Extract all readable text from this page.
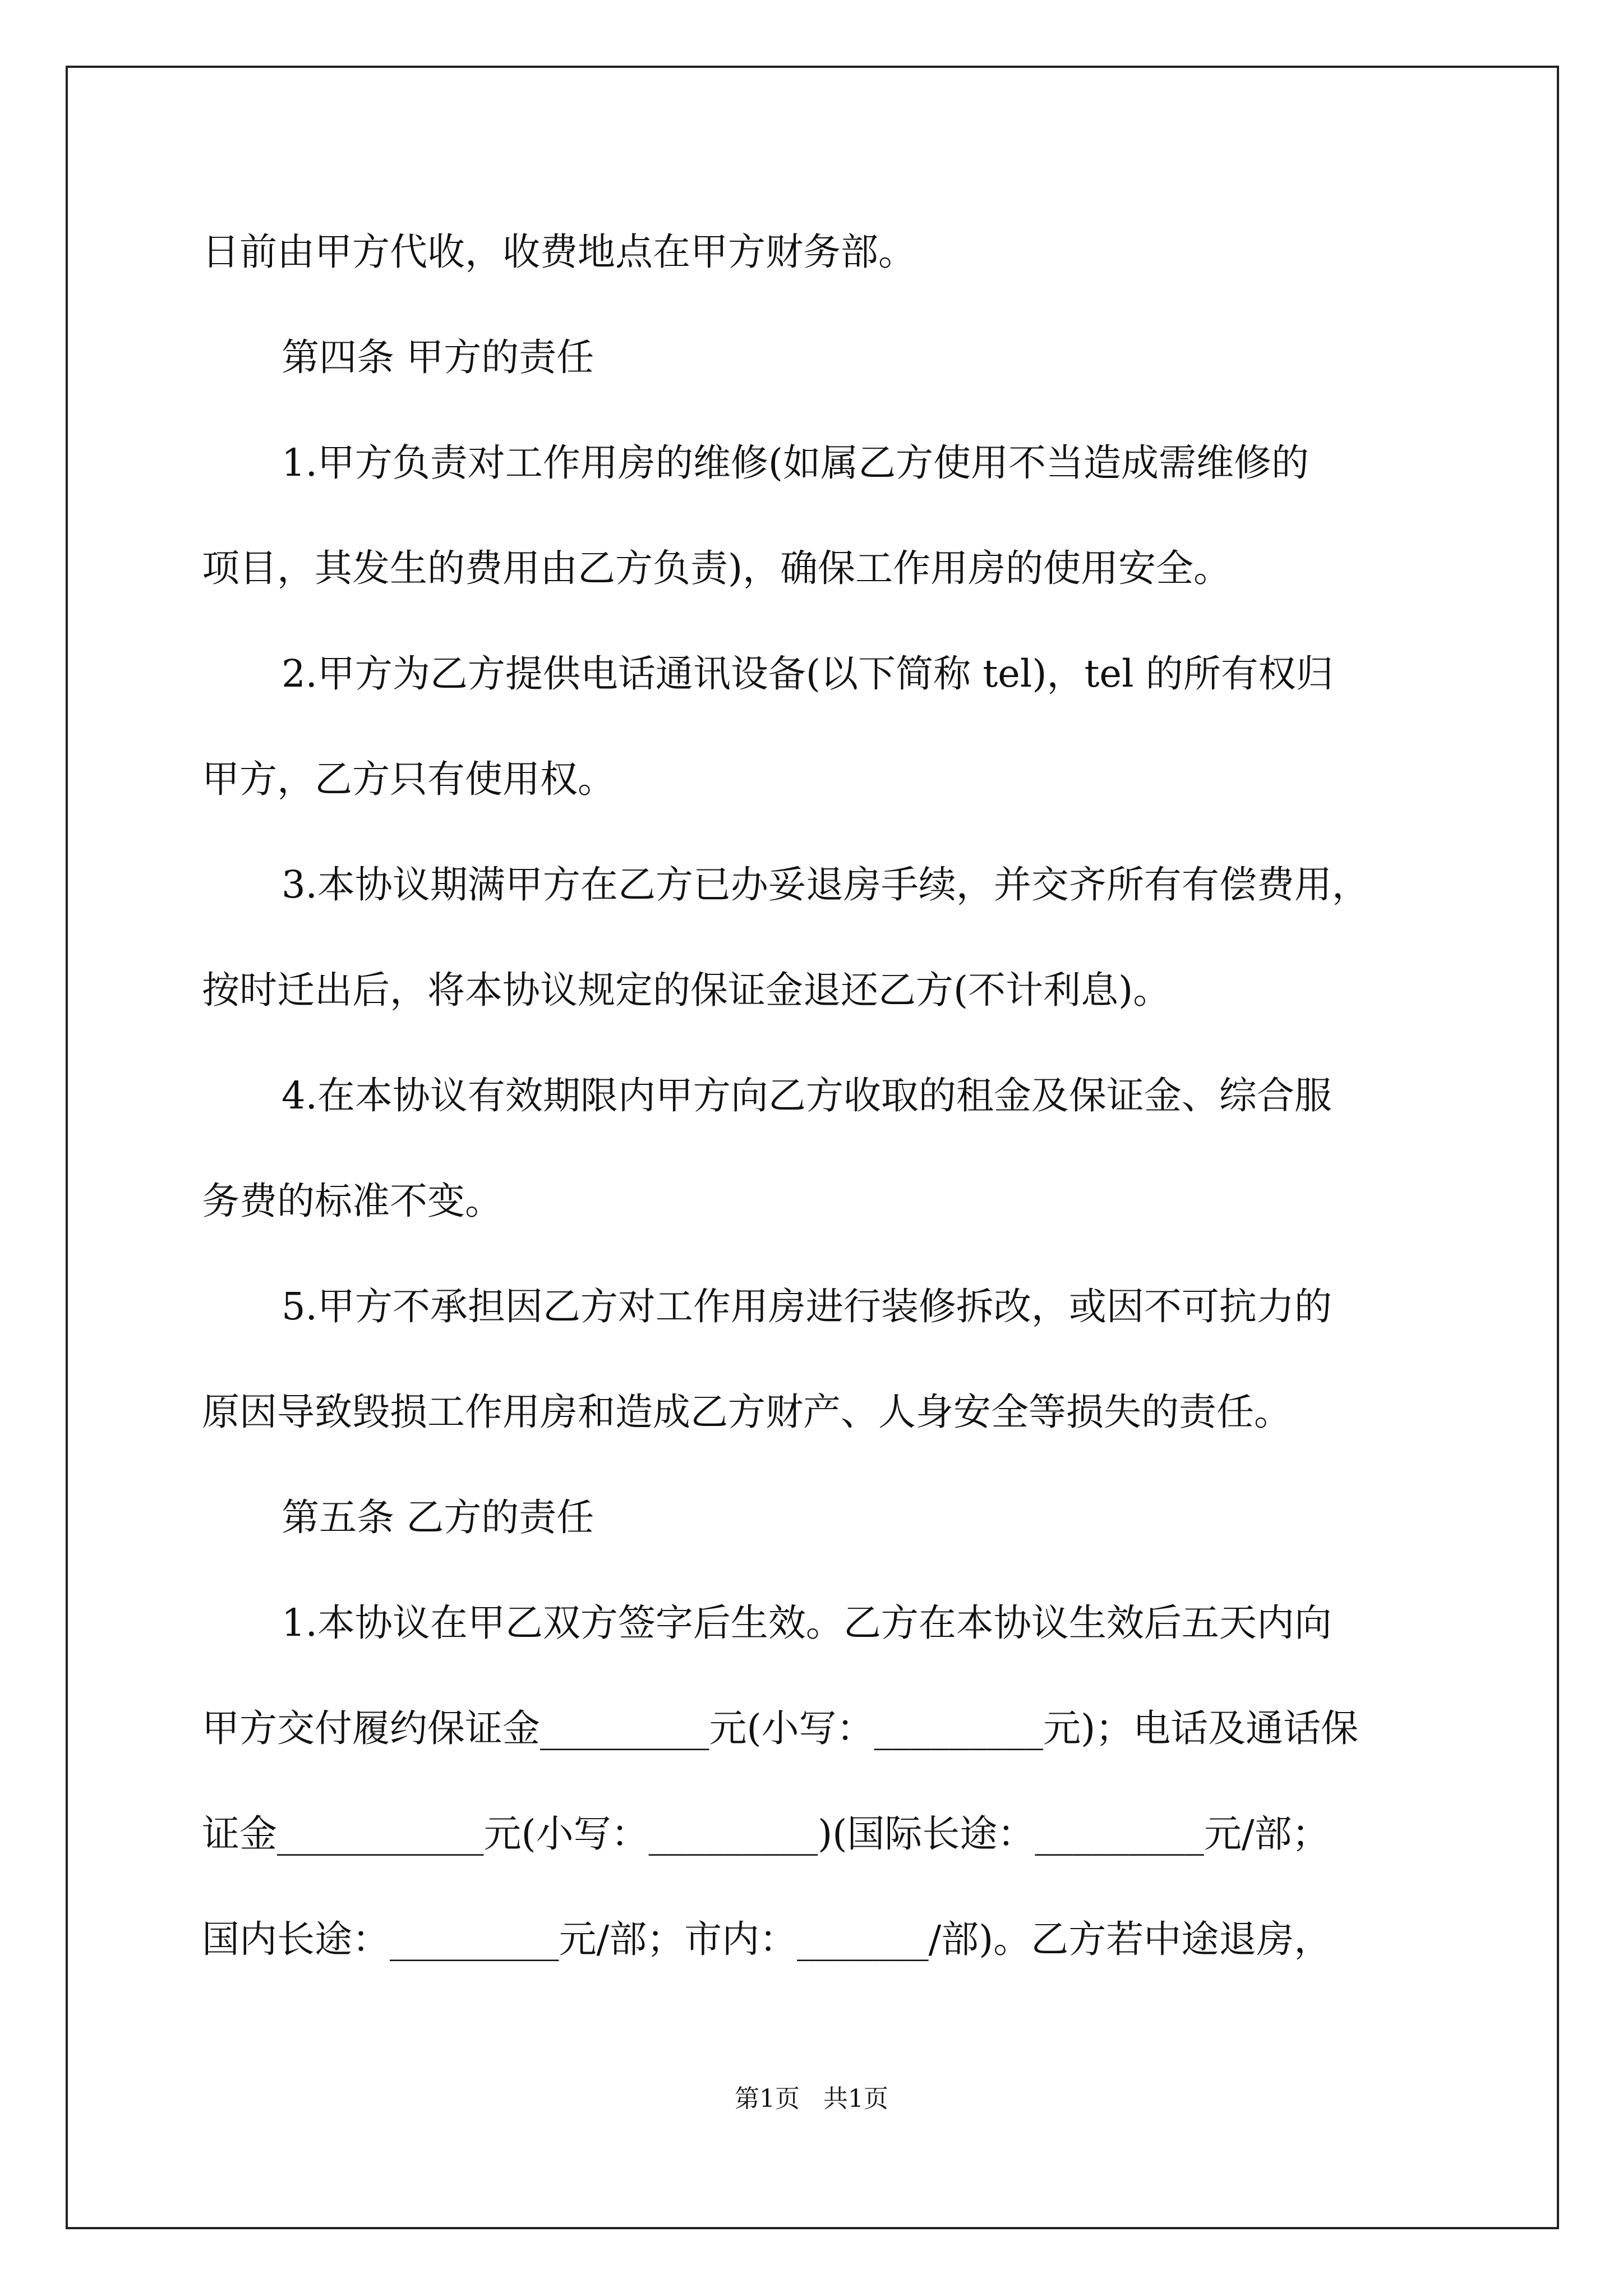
日前由甲方代收，收费地点在甲方财务部。
第四条 甲方的责任
1.甲方负责对工作用房的维修(如属乙方使用不当造成需维修的
项目，其发生的费用由乙方负责)，确保工作用房的使用安全。
2.甲方为乙方提供电话通讯设备(以下简称 tel)，tel 的所有权归
甲方，乙方只有使用权。
3.本协议期满甲方在乙方已办妥退房手续，并交齐所有有偿费用，
按时迁出后，将本协议规定的保证金退还乙方(不计利息)。
4.在本协议有效期限内甲方向乙方收取的租金及保证金、综合服
务费的标准不变。
5.甲方不承担因乙方对工作用房进行装修拆改，或因不可抗力的
原因导致毁损工作用房和造成乙方财产、人身安全等损失的责任。
第五条 乙方的责任
1.本协议在甲乙双方签字后生效。乙方在本协议生效后五天内向
甲方交付履约保证金_________元(小写：_________元)；电话及通话保
证金___________元(小写：_________)(国际长途：_________元/部；
国内长途：_________元/部；市内：_______/部)。乙方若中途退房，
第1页   共1页
